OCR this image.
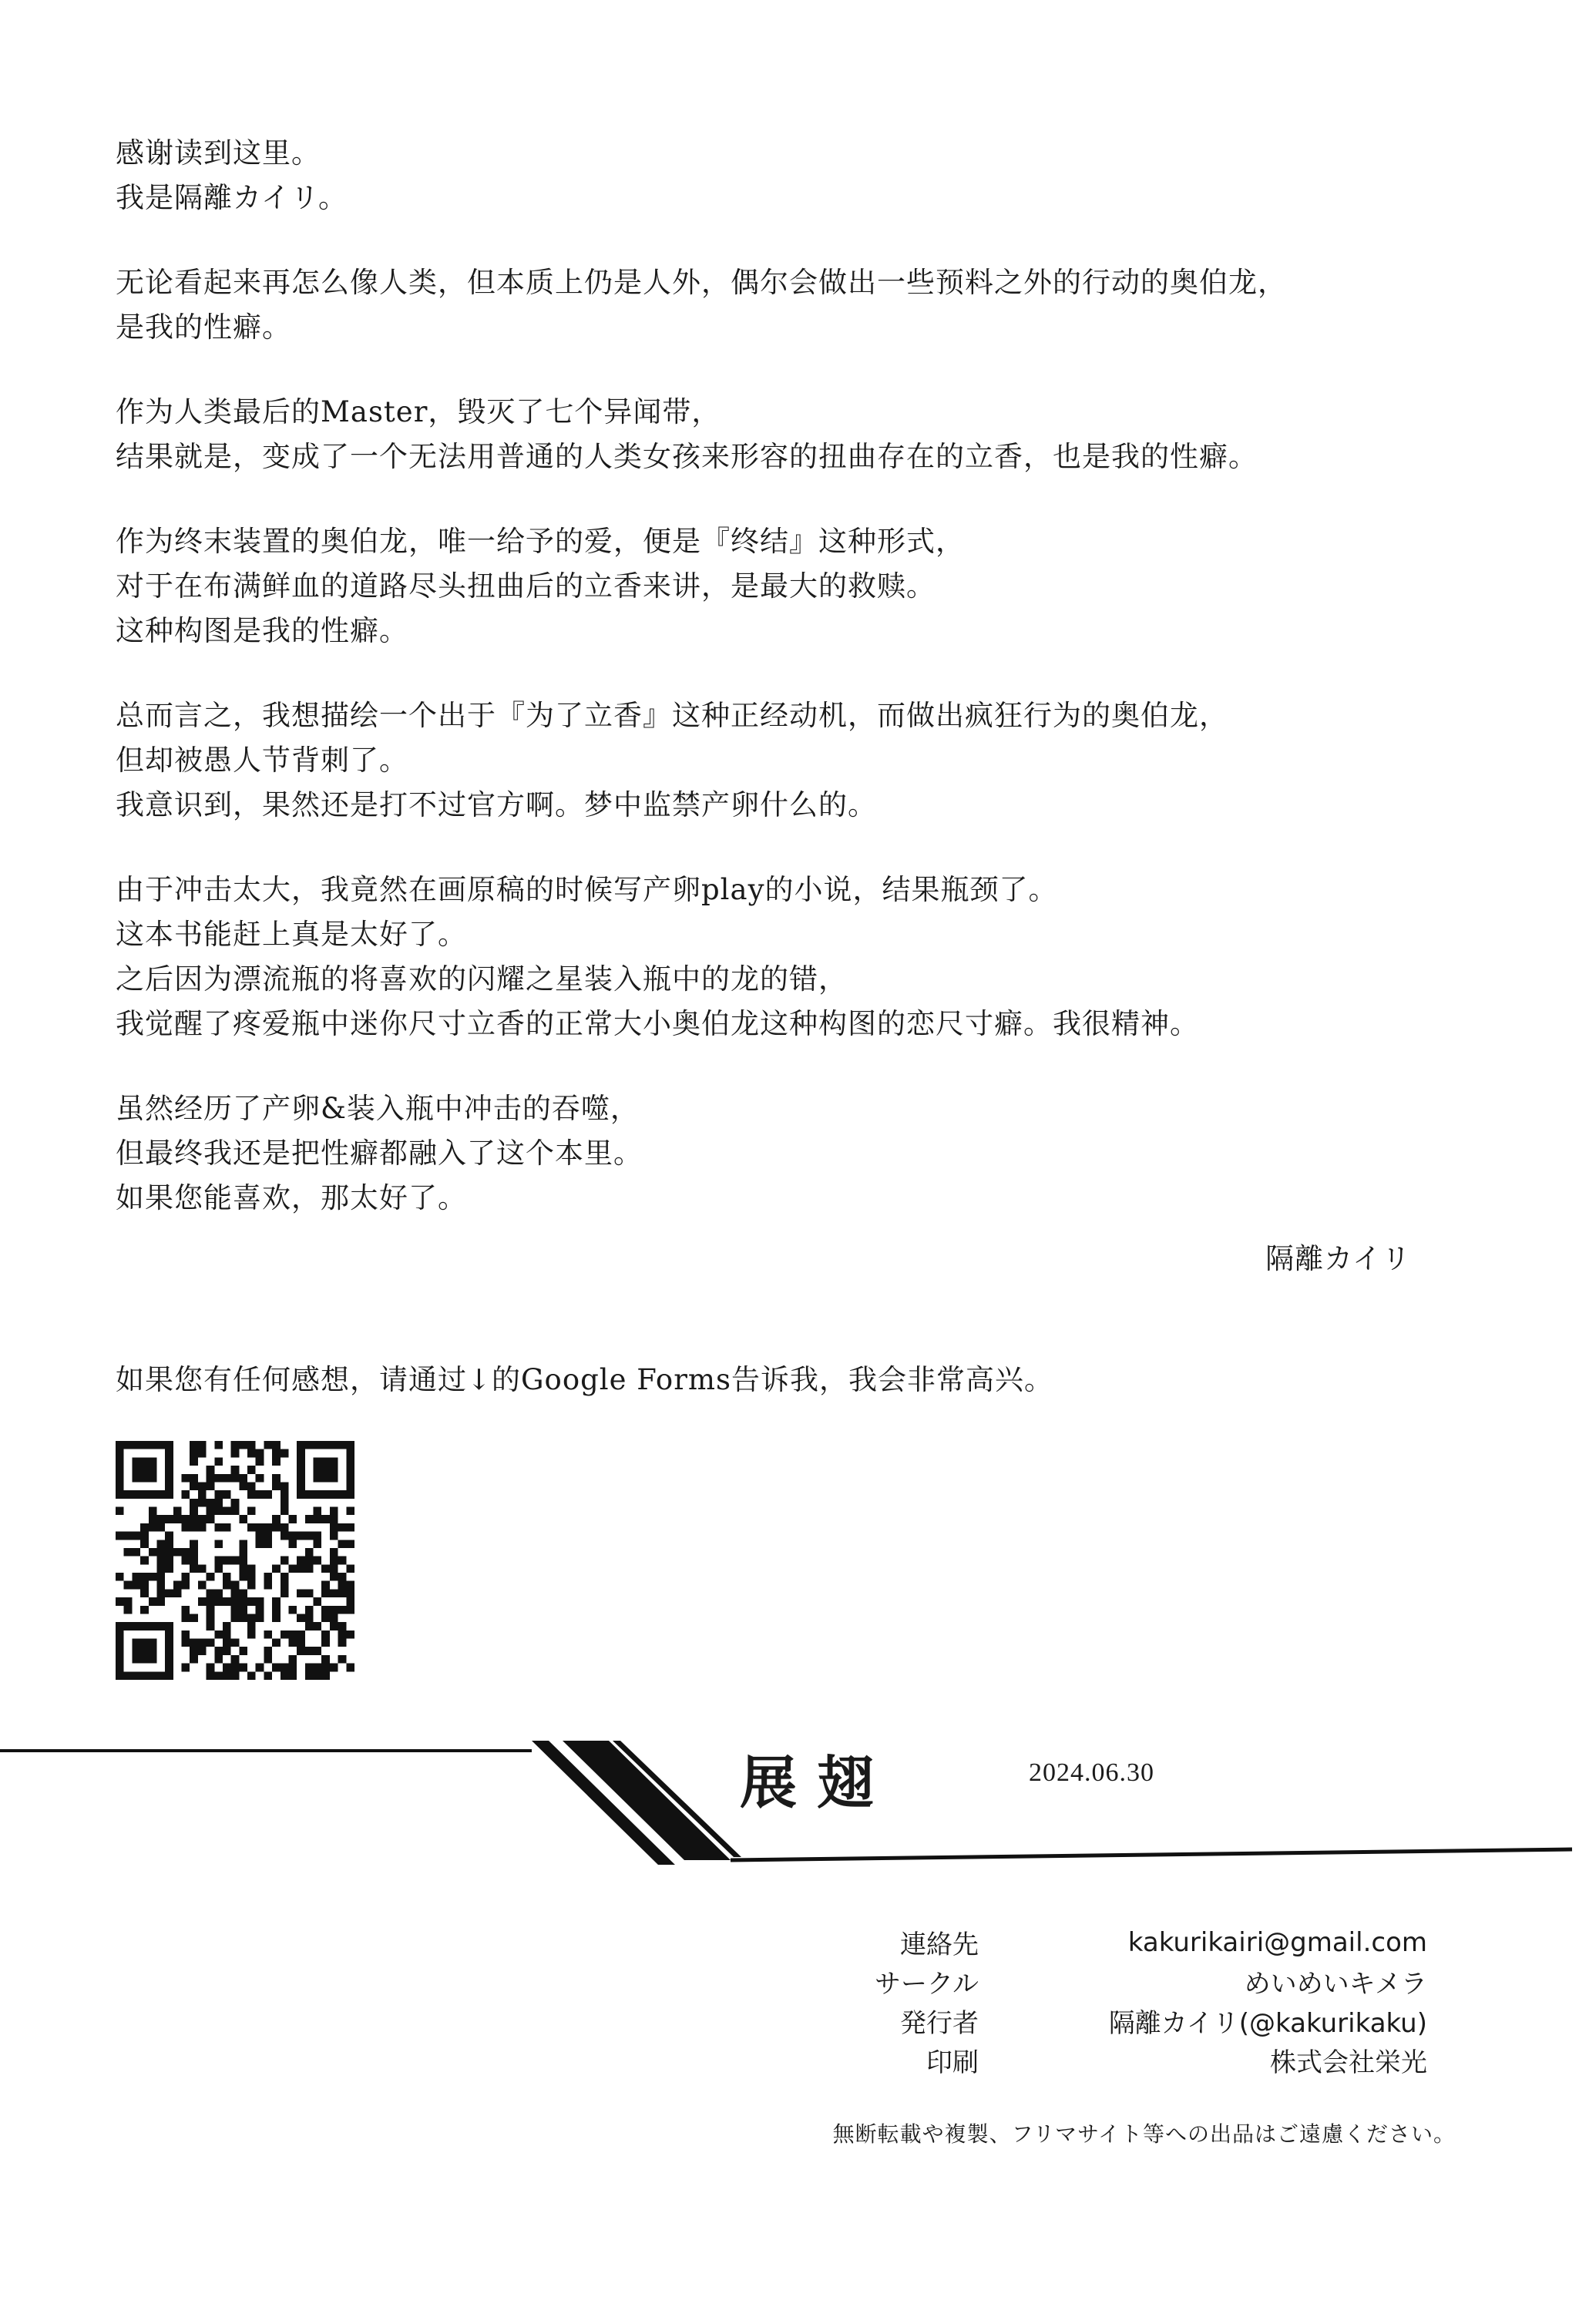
感谢读到这里。
我是隔離カイリ。
无论看起来再怎么像人类，但本质上仍是人外，偶尔会做出一些预料之外的行动的奥伯龙，
是我的性癖。
作为人类最后的Master，毁灭了七个异闻带，
结果就是，变成了一个无法用普通的人类女孩来形容的扭曲存在的立香，也是我的性癖。
作为终末装置的奥伯龙，唯一给予的爱，便是『终结』这种形式，
对于在布满鲜血的道路尽头扭曲后的立香来讲，是最大的救赎。
这种构图是我的性癖。
总而言之，我想描绘一个出于『为了立香』这种正经动机，而做出疯狂行为的奥伯龙，
但却被愚人节背刺了。
我意识到，果然还是打不过官方啊。梦中监禁产卵什么的。
由于冲击太大，我竟然在画原稿的时候写产卵play的小说，结果瓶颈了。
这本书能赶上真是太好了。
之后因为漂流瓶的将喜欢的闪耀之星装入瓶中的龙的错，
我觉醒了疼爱瓶中迷你尺寸立香的正常大小奥伯龙这种构图的恋尺寸癖。我很精神。
虽然经历了产卵&装入瓶中冲击的吞噬，
但最终我还是把性癖都融入了这个本里。
如果您能喜欢，那太好了。
隔離カイリ
如果您有任何感想，请通过↓的Google Forms告诉我，我会非常高兴。
展翅	2024.06.30
連絡先	kakurikairi@gmail.com
サークル	めいめいキメラ
発行者	隔離カイリ(@kakurikaku)
印刷	株式会社栄光
無断転載や複製、フリマサイト等への出品はご遠慮ください。
